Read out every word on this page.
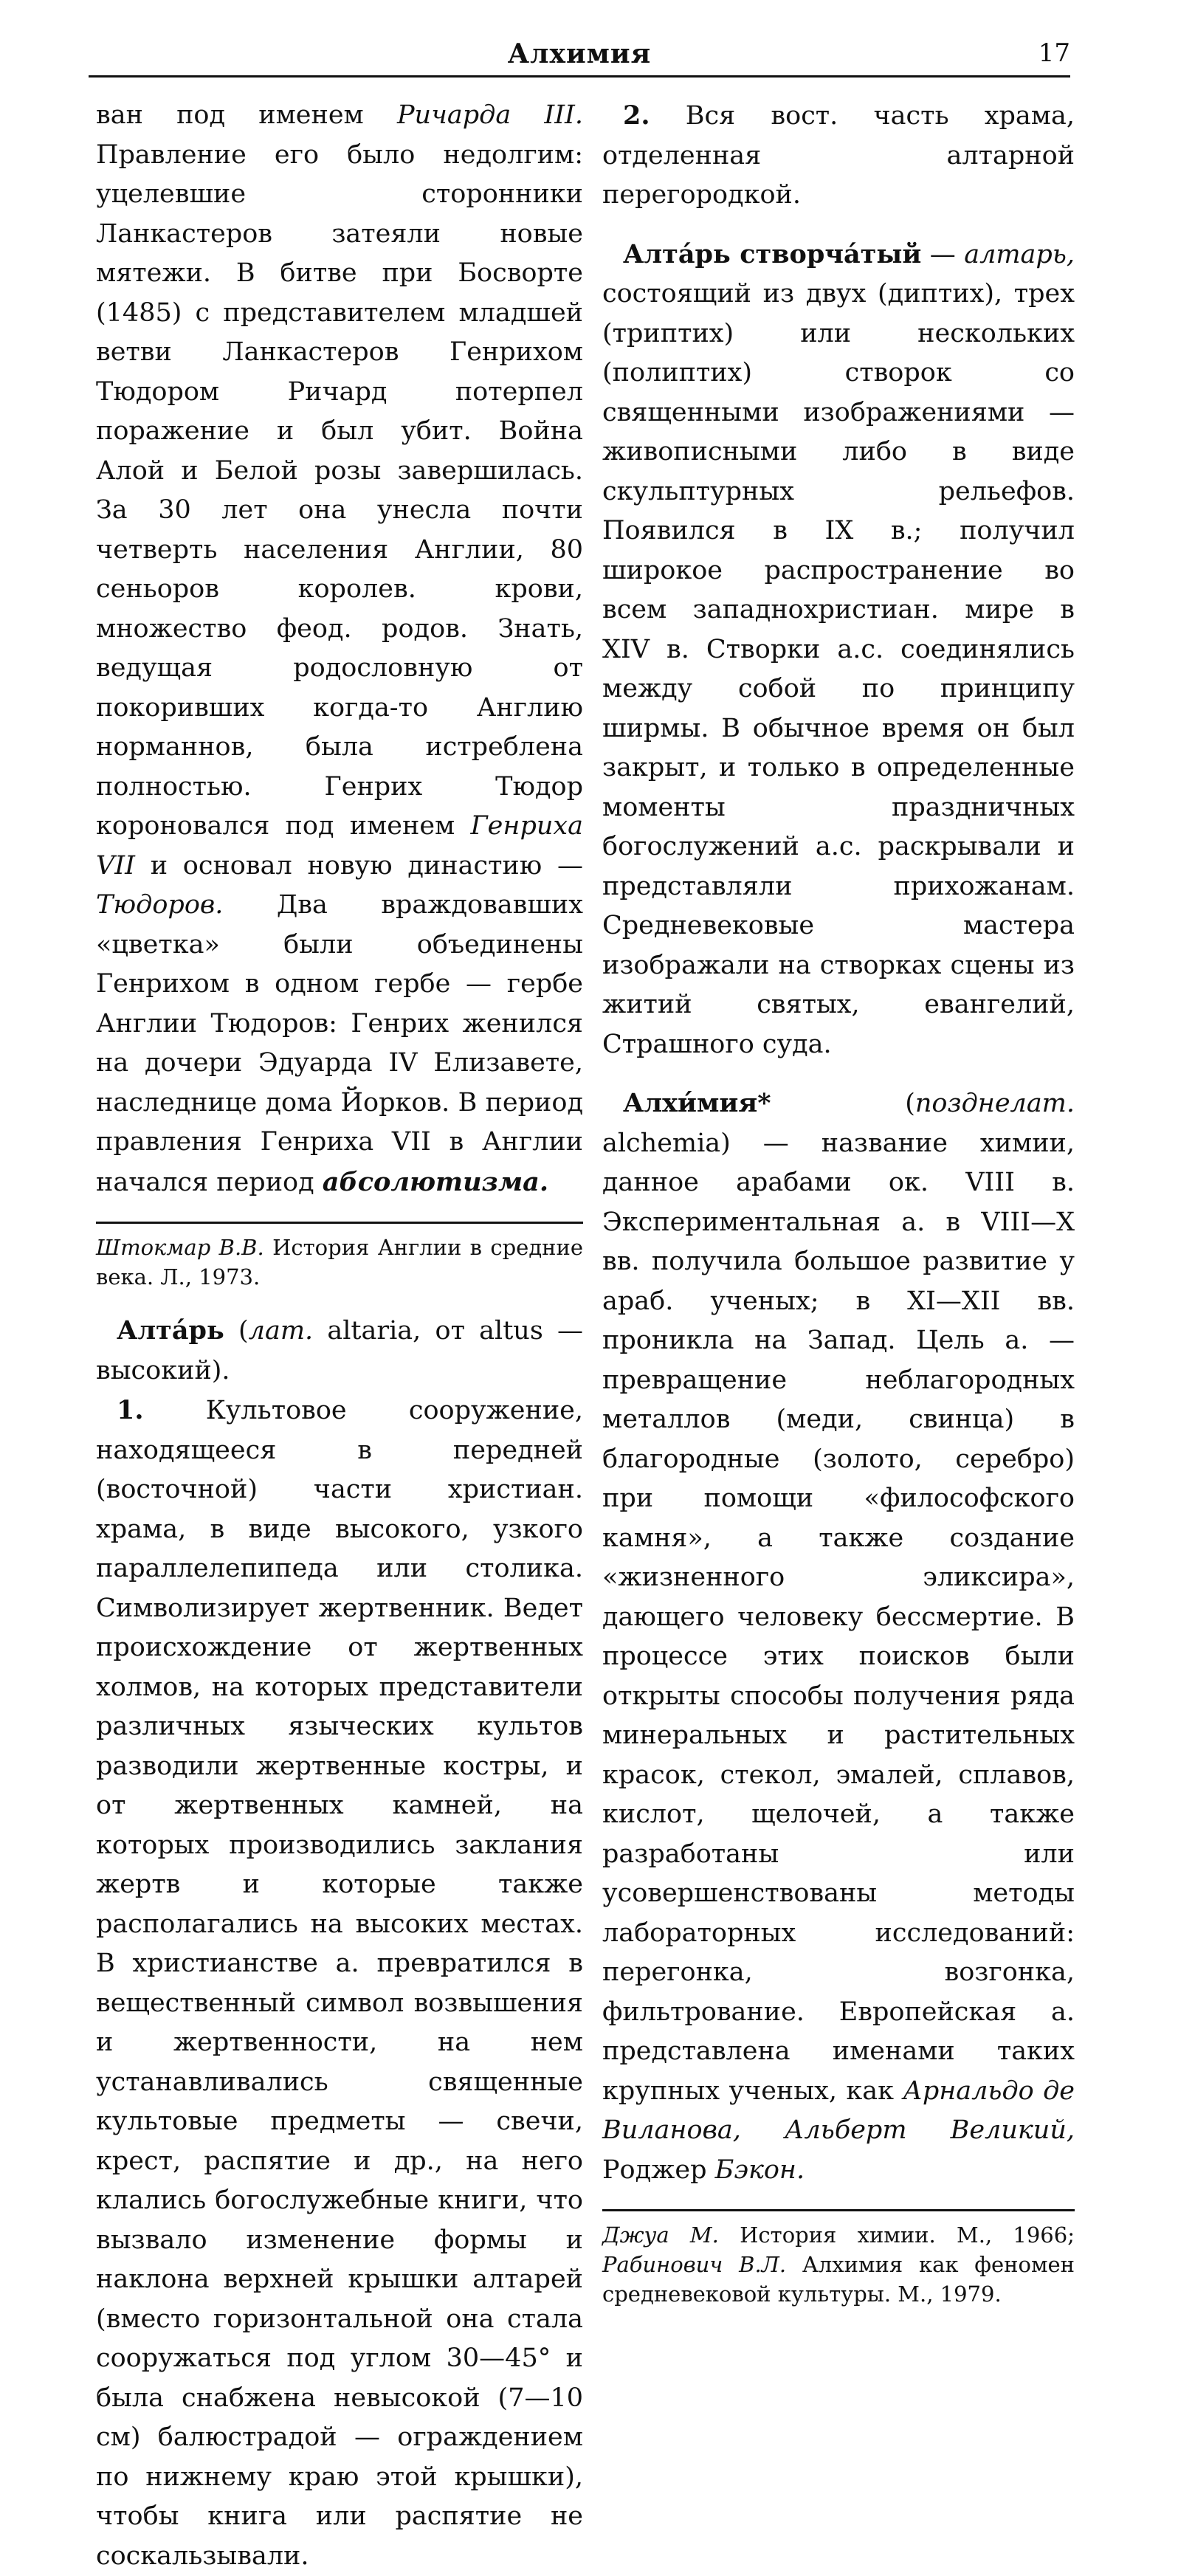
Алхимия	17

ван под именем Ричарда III. Правление его было недолгим: уцелевшие сторонники Ланкастеров затеяли новые мятежи. В битве при Босворте (1485) с представителем младшей ветви Ланкастеров Генрихом Тюдором Ричард потерпел поражение и был убит. Война Алой и Белой розы завершилась. За 30 лет она унесла почти четверть населения Англии, 80 сеньоров королев. крови, множество феод. родов. Знать, ведущая родословную от покоривших когда-то Англию норманнов, была истреблена полностью. Генрих Тюдор короновался под именем Генриха VII и основал новую династию — Тюдоров. Два враждовавших «цветка» были объединены Генрихом в одном гербе — гербе Англии Тюдоров: Генрих женился на дочери Эдуарда IV Елизавете, наследнице дома Йорков. В период правления Генриха VII в Англии начался период абсолютизма.

Штокмар В.В. История Англии в средние века. Л., 1973.

Алтáрь (лат. altaria, от altus — высокий).

1. Культовое сооружение, находящееся в передней (восточной) части христиан. храма, в виде высокого, узкого параллелепипеда или столика. Символизирует жертвенник. Ведет происхождение от жертвенных холмов, на которых представители различных языческих культов разводили жертвенные костры, и от жертвенных камней, на которых производились заклания жертв и которые также располагались на высоких местах. В христианстве а. превратился в вещественный символ возвышения и жертвенности, на нем устанавливались священные культовые предметы — свечи, крест, распятие и др., на него клались богослужебные книги, что вызвало изменение формы и наклона верхней крышки алтарей (вместо горизонтальной она стала сооружаться под углом 30—45° и была снабжена невысокой (7—10 см) балюстрадой — ограждением по нижнему краю этой крышки), чтобы книга или распятие не соскальзывали.

2. Вся вост. часть храма, отделенная алтарной перегородкой.

Алтáрь створчáтый — алтарь, состоящий из двух (диптих), трех (триптих) или нескольких (полиптих) створок со священными изображениями — живописными либо в виде скульптурных рельефов. Появился в IX в.; получил широкое распространение во всем западнохристиан. мире в XIV в. Створки а.с. соединялись между собой по принципу ширмы. В обычное время он был закрыт, и только в определенные моменты праздничных богослужений а.с. раскрывали и представляли прихожанам. Средневековые мастера изображали на створках сцены из житий святых, евангелий, Страшного суда.

Алхи́мия* (позднелат. alchemia) — название химии, данное арабами ок. VIII в. Экспериментальная а. в VIII—X вв. получила большое развитие у араб. ученых; в XI—XII вв. проникла на Запад. Цель а. — превращение неблагородных металлов (меди, свинца) в благородные (золото, серебро) при помощи «философского камня», а также создание «жизненного эликсира», дающего человеку бессмертие. В процессе этих поисков были открыты способы получения ряда минеральных и растительных красок, стекол, эмалей, сплавов, кислот, щелочей, а также разработаны или усовершенствованы методы лабораторных исследований: перегонка, возгонка, фильтрование. Европейская а. представлена именами таких крупных ученых, как Арнальдо де Виланова, Альберт Великий, Роджер Бэкон.

Джуа М. История химии. М., 1966; Рабинович В.Л. Алхимия как феномен средневековой культуры. М., 1979.
